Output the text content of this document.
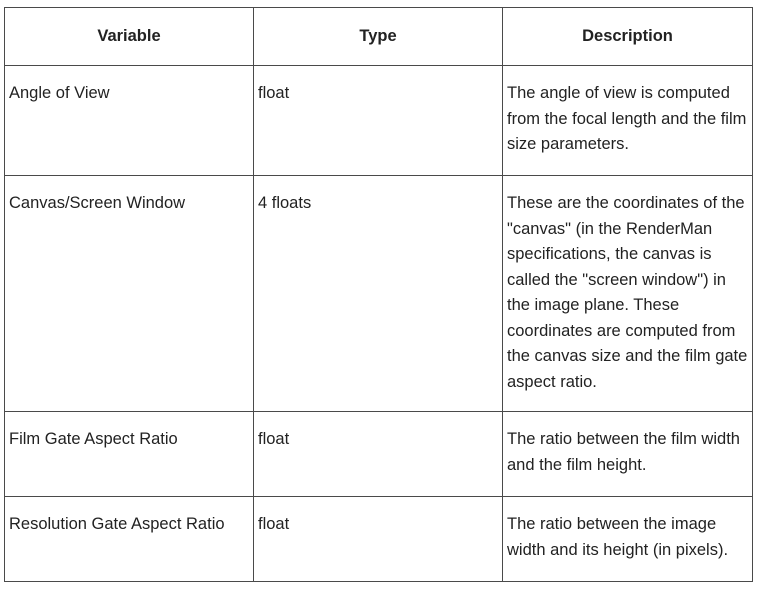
Variable	Type	Description
Angle of View	float	The angle of view is computed from the focal length and the film size parameters.
Canvas/Screen Window	4 floats	These are the coordinates of the "canvas" (in the RenderMan specifications, the canvas is called the "screen window") in the image plane. These coordinates are computed from the canvas size and the film gate aspect ratio.
Film Gate Aspect Ratio	float	The ratio between the film width and the film height.
Resolution Gate Aspect Ratio	float	The ratio between the image width and its height (in pixels).
